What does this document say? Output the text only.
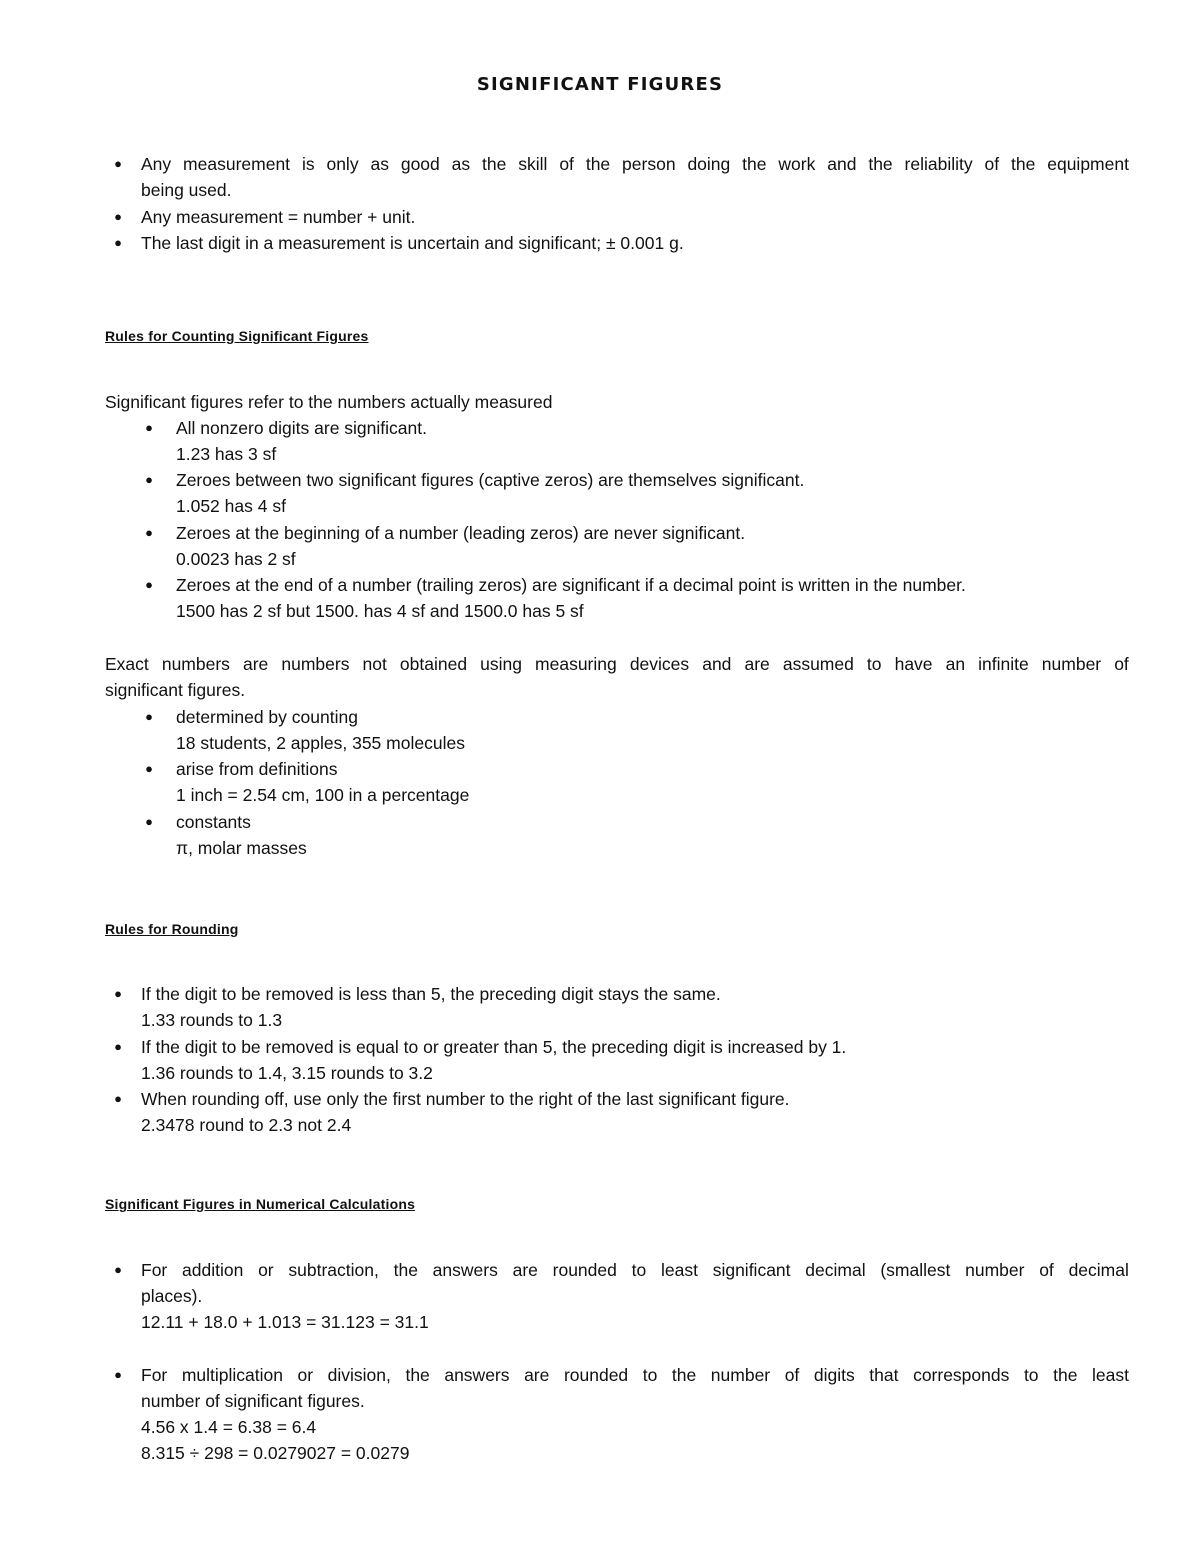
SIGNIFICANT FIGURES
● Any measurement is only as good as the skill of the person doing the work and the reliability of the equipment
being used.
● Any measurement = number + unit.
● The last digit in a measurement is uncertain and significant; ± 0.001 g.
Rules for Counting Significant Figures
Significant figures refer to the numbers actually measured
● All nonzero digits are significant.
1.23 has 3 sf
● Zeroes between two significant figures (captive zeros) are themselves significant.
1.052 has 4 sf
● Zeroes at the beginning of a number (leading zeros) are never significant.
0.0023 has 2 sf
● Zeroes at the end of a number (trailing zeros) are significant if a decimal point is written in the number.
1500 has 2 sf but 1500. has 4 sf and 1500.0 has 5 sf
Exact numbers are numbers not obtained using measuring devices and are assumed to have an infinite number of
significant figures.
● determined by counting
18 students, 2 apples, 355 molecules
● arise from definitions
1 inch = 2.54 cm, 100 in a percentage
● constants
π, molar masses
Rules for Rounding
● If the digit to be removed is less than 5, the preceding digit stays the same.
1.33 rounds to 1.3
● If the digit to be removed is equal to or greater than 5, the preceding digit is increased by 1.
1.36 rounds to 1.4, 3.15 rounds to 3.2
● When rounding off, use only the first number to the right of the last significant figure.
2.3478 round to 2.3 not 2.4
Significant Figures in Numerical Calculations
● For addition or subtraction, the answers are rounded to least significant decimal (smallest number of decimal
places).
12.11 + 18.0 + 1.013 = 31.123 = 31.1
● For multiplication or division, the answers are rounded to the number of digits that corresponds to the least
number of significant figures.
4.56 x 1.4 = 6.38 = 6.4
8.315 ÷ 298 = 0.0279027 = 0.0279
